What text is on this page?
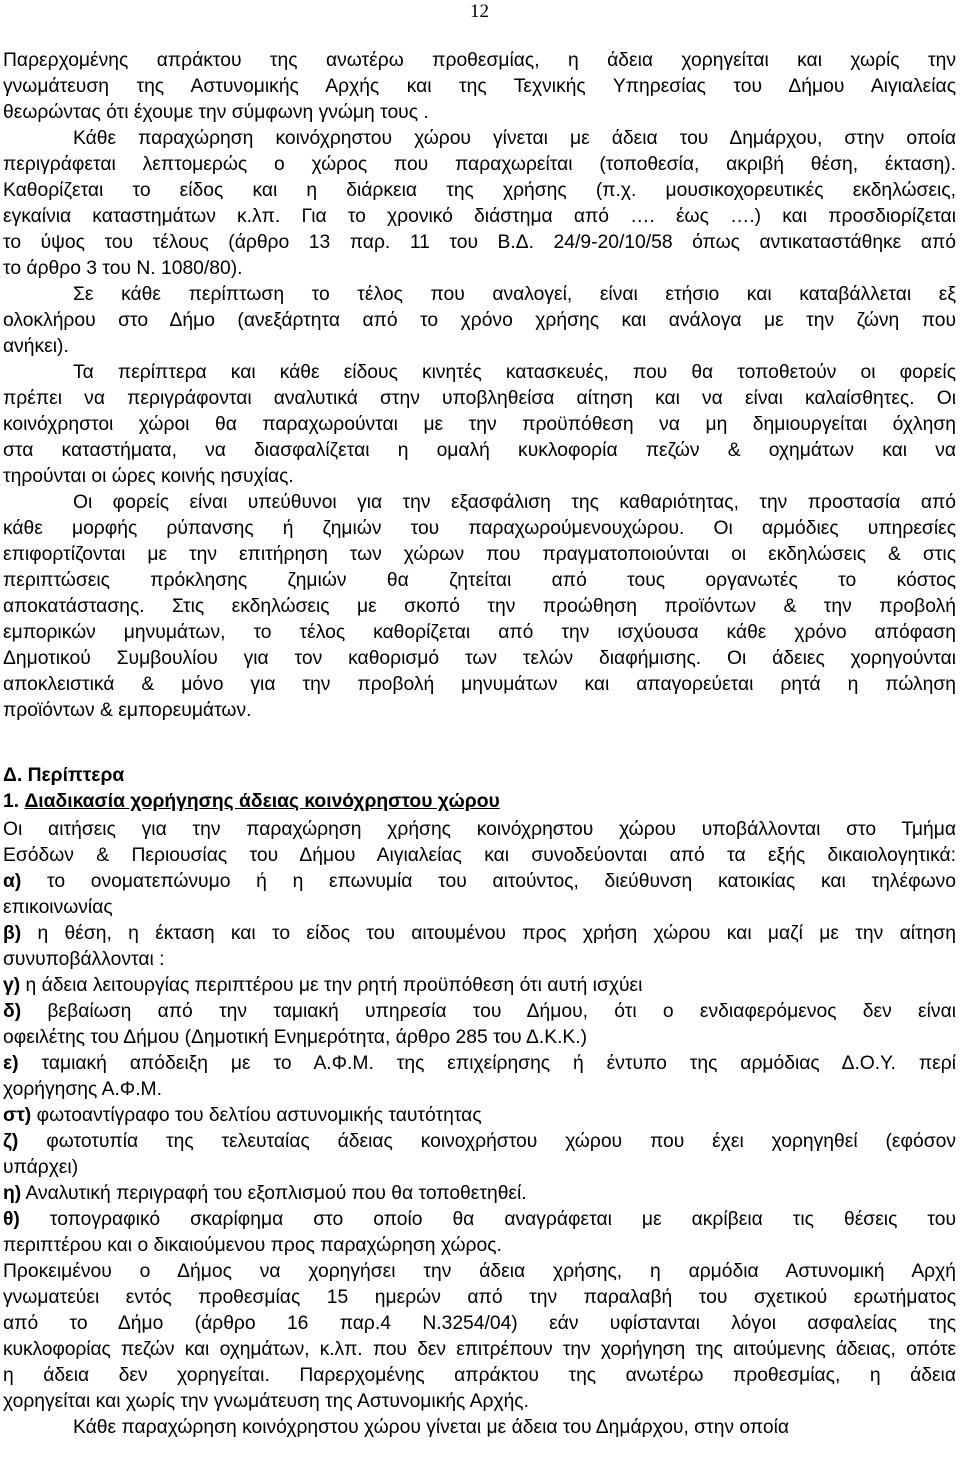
12
Παρερχομένης απράκτου της ανωτέρω προθεσμίας, η άδεια χορηγείται και χωρίς την
γνωμάτευση της Αστυνομικής Αρχής και της Τεχνικής Υπηρεσίας του Δήμου Αιγιαλείας
θεωρώντας ότι έχουμε την σύμφωνη γνώμη τους .
Κάθε παραχώρηση κοινόχρηστου χώρου γίνεται με άδεια του Δημάρχου, στην οποία
περιγράφεται λεπτομερώς ο χώρος που παραχωρείται (τοποθεσία, ακριβή θέση, έκταση).
Καθορίζεται το είδος και η διάρκεια της χρήσης (π.χ. μουσικοχορευτικές εκδηλώσεις,
εγκαίνια καταστημάτων κ.λπ. Για το χρονικό διάστημα από …. έως ….) και προσδιορίζεται
το ύψος του τέλους (άρθρο 13 παρ. 11 του Β.Δ. 24/9-20/10/58 όπως αντικαταστάθηκε από
το άρθρο 3 του Ν. 1080/80).
Σε κάθε περίπτωση το τέλος που αναλογεί, είναι ετήσιο και καταβάλλεται εξ
ολοκλήρου στο Δήμο (ανεξάρτητα από το χρόνο χρήσης και ανάλογα με την ζώνη που
ανήκει).
Τα περίπτερα και κάθε είδους κινητές κατασκευές, που θα τοποθετούν οι φορείς
πρέπει να περιγράφονται αναλυτικά στην υποβληθείσα αίτηση και να είναι καλαίσθητες. Οι
κοινόχρηστοι χώροι θα παραχωρούνται με την προϋπόθεση να μη δημιουργείται όχληση
στα καταστήματα, να διασφαλίζεται η ομαλή κυκλοφορία πεζών & οχημάτων και να
τηρούνται οι ώρες κοινής ησυχίας.
Οι φορείς είναι υπεύθυνοι για την εξασφάλιση της καθαριότητας, την προστασία από
κάθε μορφής ρύπανσης ή ζημιών του παραχωρούμενουχώρου. Οι αρμόδιες υπηρεσίες
επιφορτίζονται με την επιτήρηση των χώρων που πραγματοποιούνται οι εκδηλώσεις & στις
περιπτώσεις πρόκλησης ζημιών θα ζητείται από τους οργανωτές το κόστος
αποκατάστασης. Στις εκδηλώσεις με σκοπό την προώθηση προϊόντων & την προβολή
εμπορικών μηνυμάτων, το τέλος καθορίζεται από την ισχύουσα κάθε χρόνο απόφαση
Δημοτικού Συμβουλίου για τον καθορισμό των τελών διαφήμισης. Οι άδειες χορηγούνται
αποκλειστικά & μόνο για την προβολή μηνυμάτων και απαγορεύεται ρητά η πώληση
προϊόντων & εμπορευμάτων.
Δ. Περίπτερα
1. Διαδικασία χορήγησης άδειας κοινόχρηστου χώρου
Οι αιτήσεις για την παραχώρηση χρήσης κοινόχρηστου χώρου υποβάλλονται στο Τμήμα
Εσόδων & Περιουσίας του Δήμου Αιγιαλείας και συνοδεύονται από τα εξής δικαιολογητικά:
α) το ονοματεπώνυμο ή η επωνυμία του αιτούντος, διεύθυνση κατοικίας και τηλέφωνο
επικοινωνίας
β) η θέση, η έκταση και το είδος του αιτουμένου προς χρήση χώρου και μαζί με την αίτηση
συνυποβάλλονται :
γ) η άδεια λειτουργίας περιπτέρου με την ρητή προϋπόθεση ότι αυτή ισχύει
δ) βεβαίωση από την ταμιακή υπηρεσία του Δήμου, ότι ο ενδιαφερόμενος δεν είναι
οφειλέτης του Δήμου (Δημοτική Ενημερότητα, άρθρο 285 του Δ.Κ.Κ.)
ε) ταμιακή απόδειξη με το Α.Φ.Μ. της επιχείρησης ή έντυπο της αρμόδιας Δ.Ο.Υ. περί
χορήγησης Α.Φ.Μ.
στ) φωτοαντίγραφο του δελτίου αστυνομικής ταυτότητας
ζ) φωτοτυπία της τελευταίας άδειας κοινοχρήστου χώρου που έχει χορηγηθεί (εφόσον
υπάρχει)
η) Αναλυτική περιγραφή του εξοπλισμού που θα τοποθετηθεί.
θ) τοπογραφικό σκαρίφημα στο οποίο θα αναγράφεται με ακρίβεια τις θέσεις του
περιπτέρου και ο δικαιούμενου προς παραχώρηση χώρος.
Προκειμένου ο Δήμος να χορηγήσει την άδεια χρήσης, η αρμόδια Αστυνομική Αρχή
γνωματεύει εντός προθεσμίας 15 ημερών από την παραλαβή του σχετικού ερωτήματος
από το Δήμο (άρθρο 16 παρ.4 Ν.3254/04) εάν υφίστανται λόγοι ασφαλείας της
κυκλοφορίας πεζών και οχημάτων, κ.λπ. που δεν επιτρέπουν την χορήγηση της αιτούμενης άδειας, οπότε
η άδεια δεν χορηγείται. Παρερχομένης απράκτου της ανωτέρω προθεσμίας, η άδεια
χορηγείται και χωρίς την γνωμάτευση της Αστυνομικής Αρχής.
Κάθε παραχώρηση κοινόχρηστου χώρου γίνεται με άδεια του Δημάρχου, στην οποία
